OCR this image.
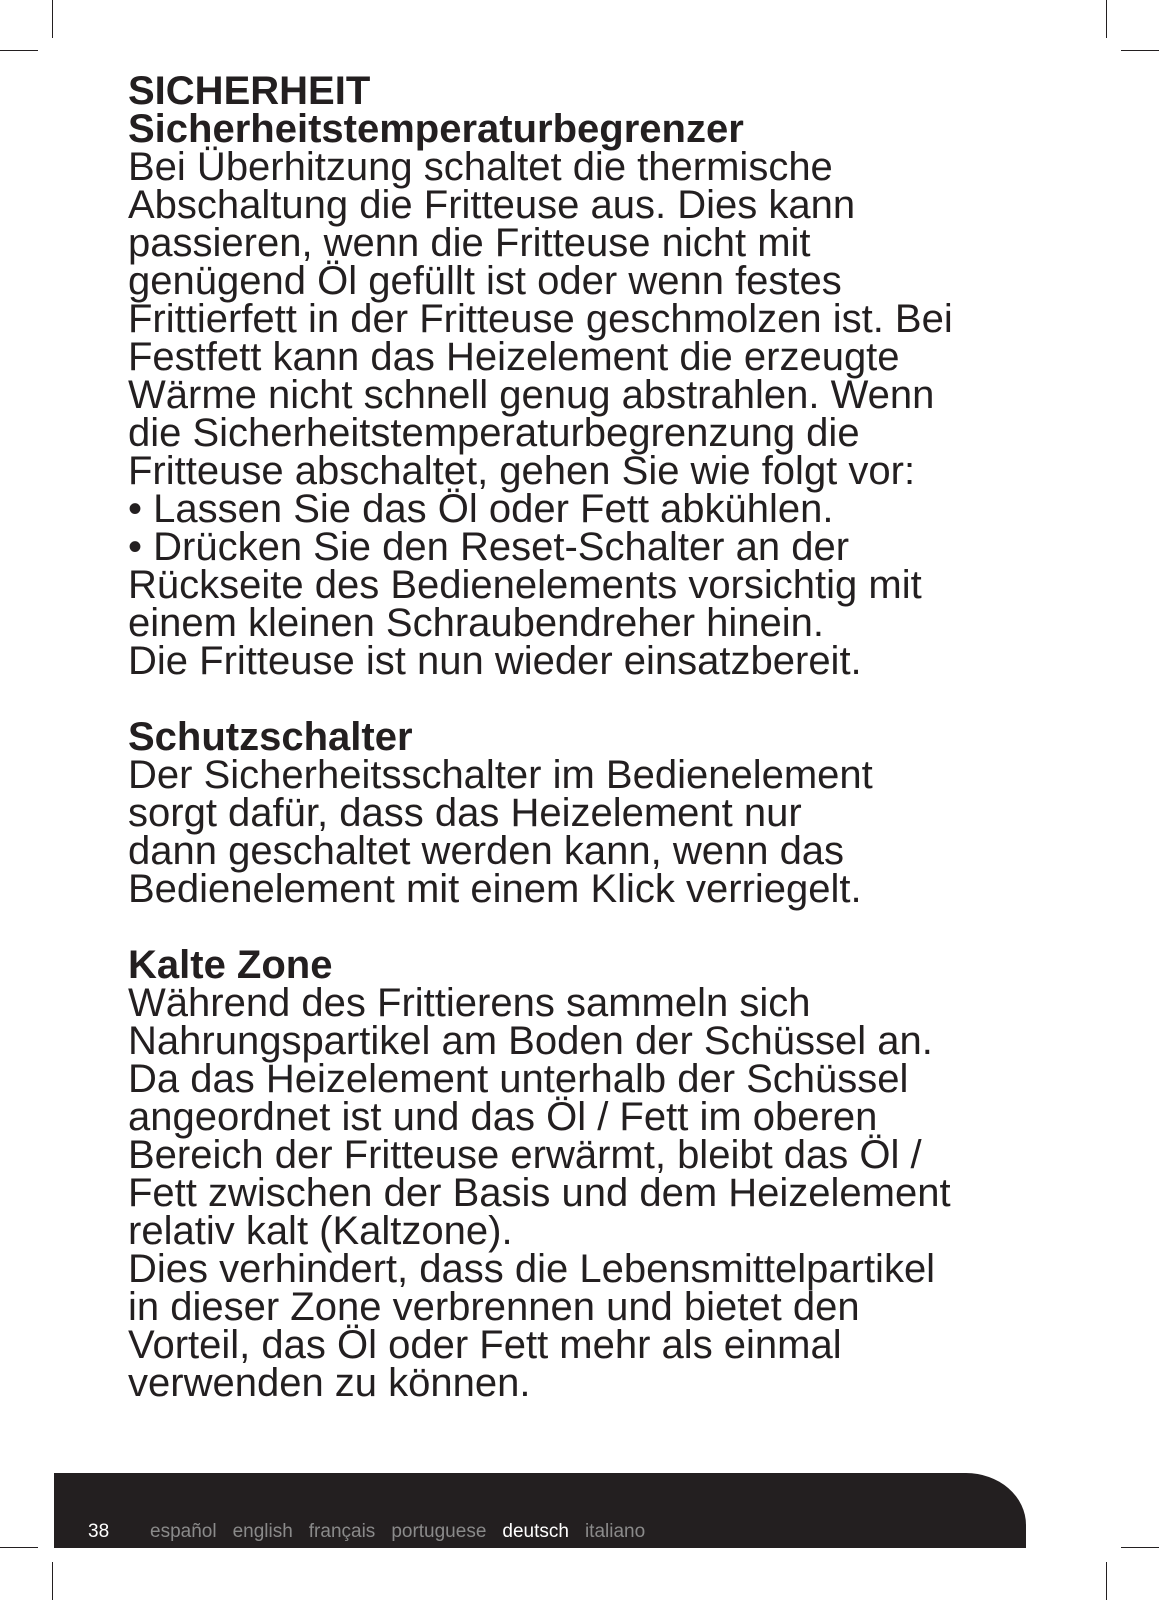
SICHERHEIT
Sicherheitstemperaturbegrenzer

Bei Überhitzung schaltet die thermische
Abschaltung die Fritteuse aus. Dies kann
passieren, wenn die Fritteuse nicht mit
genügend Öl gefüllt ist oder wenn festes
Frittierfett in der Fritteuse geschmolzen ist. Bei
Festfett kann das Heizelement die erzeugte
Wärme nicht schnell genug abstrahlen. Wenn
die Sicherheitstemperaturbegrenzung die
Fritteuse abschaltet, gehen Sie wie folgt vor:

• Lassen Sie das Öl oder Fett abkühlen.

• Drücken Sie den Reset-Schalter an der
Rückseite des Bedienelements vorsichtig mit
einem kleinen Schraubendreher hinein.

Die Fritteuse ist nun wieder einsatzbereit.

Schutzschalter

Der Sicherheitsschalter im Bedienelement
sorgt dafür, dass das Heizelement nur
dann geschaltet werden kann, wenn das
Bedienelement mit einem Klick verriegelt.

Kalte Zone

Während des Frittierens sammeln sich
Nahrungspartikel am Boden der Schüssel an.
Da das Heizelement unterhalb der Schüssel
angeordnet ist und das Öl / Fett im oberen
Bereich der Fritteuse erwärmt, bleibt das Öl /
Fett zwischen der Basis und dem Heizelement
relativ kalt (Kaltzone).

Dies verhindert, dass die Lebensmittelpartikel
in dieser Zone verbrennen und bietet den
Vorteil, das Öl oder Fett mehr als einmal
verwenden zu können.

38 español english français portuguese deutsch italiano
